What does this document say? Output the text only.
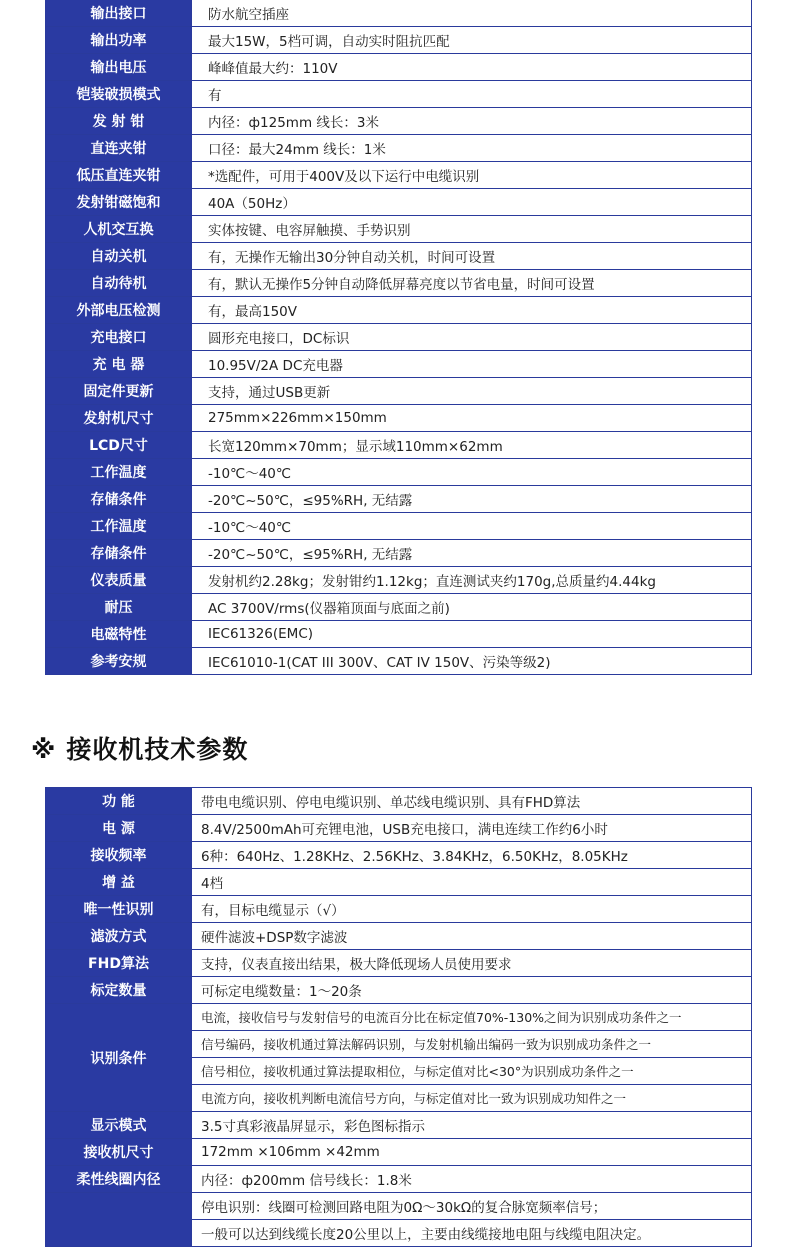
输出接口	防水航空插座
输出功率	最大15W，5档可调，自动实时阻抗匹配
输出电压	峰峰值最大约：110V
铠装破损模式	有
发 射 钳	内径：ф125mm 线长：3米
直连夹钳	口径：最大24mm 线长：1米
低压直连夹钳	*选配件，可用于400V及以下运行中电缆识别
发射钳磁饱和	40A（50Hz）
人机交互换	实体按键、电容屏触摸、手势识别
自动关机	有，无操作无输出30分钟自动关机，时间可设置
自动待机	有，默认无操作5分钟自动降低屏幕亮度以节省电量，时间可设置
外部电压检测	有，最高150V
充电接口	圆形充电接口，DC标识
充 电 器	10.95V/2A DC充电器
固定件更新	支持，通过USB更新
发射机尺寸	275mm×226mm×150mm
LCD尺寸	长宽120mm×70mm；显示域110mm×62mm
工作温度	-10℃～40℃
存储条件	-20℃~50℃，≤95%RH, 无结露
工作温度	-10℃～40℃
存储条件	-20℃~50℃，≤95%RH, 无结露
仪表质量	发射机约2.28kg；发射钳约1.12kg；直连测试夹约170g,总质量约4.44kg
耐压	AC 3700V/rms(仪器箱顶面与底面之前)
电磁特性	IEC61326(EMC)
参考安规	IEC61010-1(CAT III 300V、CAT IV 150V、污染等级2)
※ 接收机技术参数
功 能	带电电缆识别、停电电缆识别、单芯线电缆识别、具有FHD算法
电 源	8.4V/2500mAh可充锂电池，USB充电接口，满电连续工作约6小时
接收频率	6种：640Hz、1.28KHz、2.56KHz、3.84KHz，6.50KHz，8.05KHz
增 益	4档
唯一性识别	有，目标电缆显示（√）
滤波方式	硬件滤波+DSP数字滤波
FHD算法	支持，仪表直接出结果，极大降低现场人员使用要求
标定数量	可标定电缆数量：1～20条
识别条件	电流，接收信号与发射信号的电流百分比在标定值70%-130%之间为识别成功条件之一
	信号编码，接收机通过算法解码识别，与发射机输出编码一致为识别成功条件之一
	信号相位，接收机通过算法提取相位，与标定值对比<30°为识别成功条件之一
	电流方向，接收机判断电流信号方向，与标定值对比一致为识别成功知件之一
显示模式	3.5寸真彩液晶屏显示，彩色图标指示
接收机尺寸	172mm ×106mm ×42mm
柔性线圈内径	内径：ф200mm 信号线长：1.8米
	停电识别：线圈可检测回路电阻为0Ω～30kΩ的复合脉宽频率信号；
	一般可以达到线缆长度20公里以上，主要由线缆接地电阻与线缆电阻决定。
